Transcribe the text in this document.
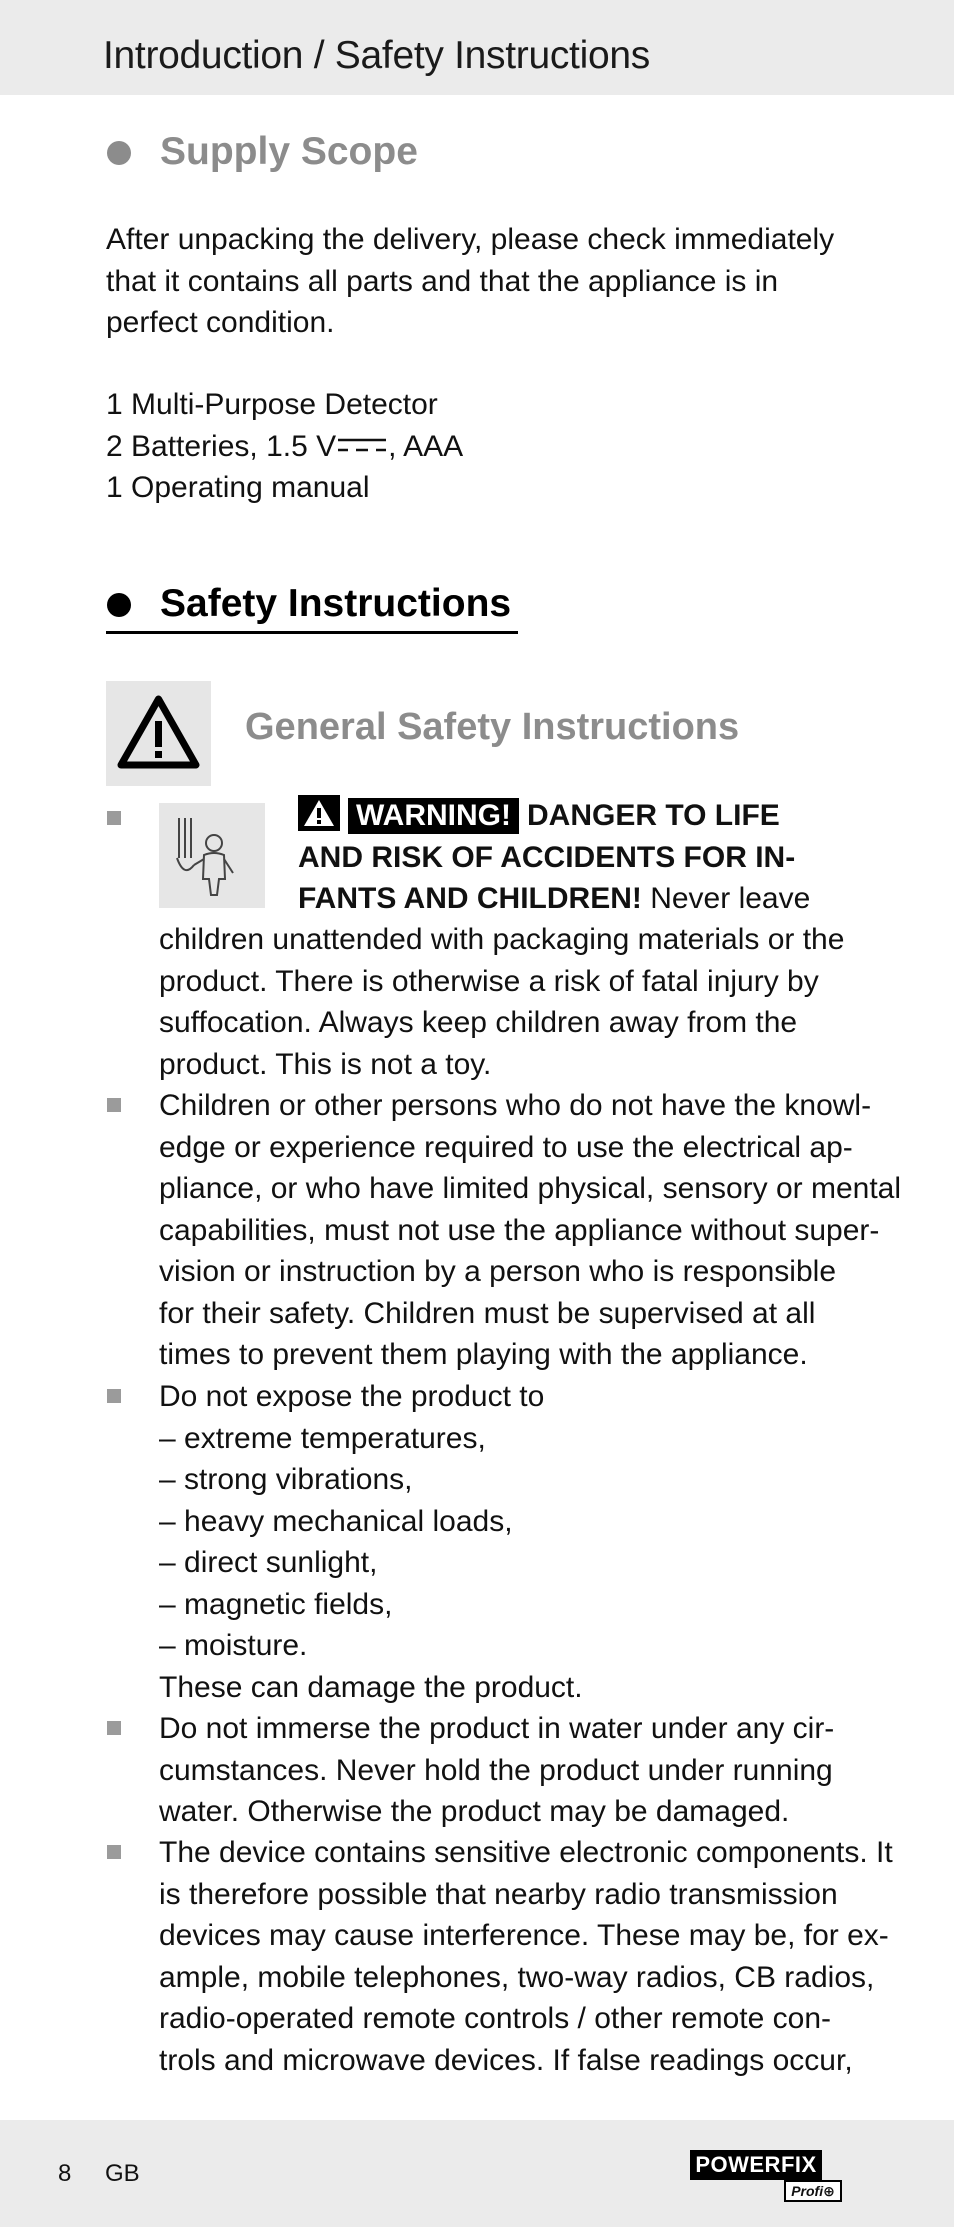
Introduction / Safety Instructions
Supply Scope

After unpacking the delivery, please check immediately

that it contains all parts and that the appliance is in

perfect condition.

1 Multi-Purpose Detector

2 Batteries, 1.5 V , AAA

1 Operating manual

Safety Instructions
General Safety Instructions

WARNING! DANGER TO LIFE

AND RISK OF ACCIDENTS FOR IN-

FANTS AND CHILDREN! Never leave

children unattended with packaging materials or the

product. There is otherwise a risk of fatal injury by

suffocation. Always keep children away from the

product. This is not a toy.

Children or other persons who do not have the knowl-

edge or experience required to use the electrical ap-

pliance, or who have limited physical, sensory or mental

capabilities, must not use the appliance without super-

vision or instruction by a person who is responsible

for their safety. Children must be supervised at all

times to prevent them playing with the appliance.

Do not expose the product to

– extreme temperatures,

– strong vibrations,

– heavy mechanical loads,

– direct sunlight,

– magnetic fields,

– moisture.

These can damage the product.

Do not immerse the product in water under any cir-

cumstances. Never hold the product under running

water. Otherwise the product may be damaged.

The device contains sensitive electronic components. It

is therefore possible that nearby radio transmission

devices may cause interference. These may be, for ex-

ample, mobile telephones, two-way radios, CB radios,

radio-operated remote controls / other remote con-

trols and microwave devices. If false readings occur,

8 GB	POWERFIX
Profi⊕
